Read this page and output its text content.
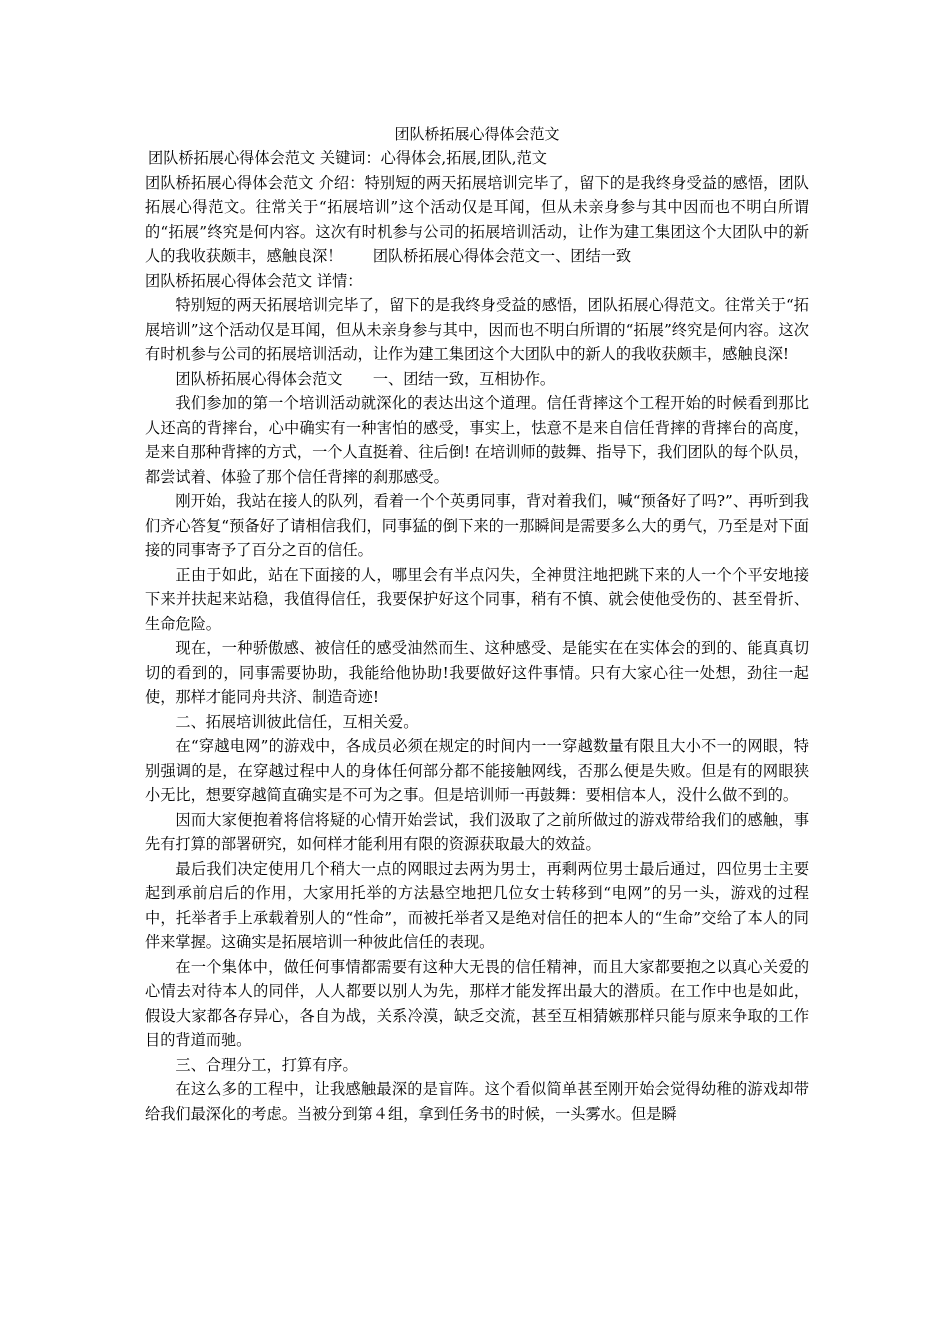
团队桥拓展心得体会范文

团队桥拓展心得体会范文 关键词：心得体会,拓展,团队,范文

团队桥拓展心得体会范文 介绍：特别短的两天拓展培训完毕了，留下的是我终身受益的感悟，团队拓展心得范文。往常关于“拓展培训”这个活动仅是耳闻，但从未亲身参与其中因而也不明白所谓的“拓展”终究是何内容。这次有时机参与公司的拓展培训活动，让作为建工集团这个大团队中的新人的我收获颇丰，感触良深！ 团队桥拓展心得体会范文一、团结一致

团队桥拓展心得体会范文 详情：

特别短的两天拓展培训完毕了，留下的是我终身受益的感悟，团队拓展心得范文。往常关于“拓展培训”这个活动仅是耳闻，但从未亲身参与其中，因而也不明白所谓的“拓展”终究是何内容。这次有时机参与公司的拓展培训活动，让作为建工集团这个大团队中的新人的我收获颇丰，感触良深!

团队桥拓展心得体会范文　　一、团结一致，互相协作。

我们参加的第一个培训活动就深化的表达出这个道理。信任背摔这个工程开始的时候看到那比人还高的背摔台，心中确实有一种害怕的感受，事实上，怯意不是来自信任背摔的背摔台的高度，是来自那种背摔的方式，一个人直挺着、往后倒! 在培训师的鼓舞、指导下，我们团队的每个队员，都尝试着、体验了那个信任背摔的刹那感受。

刚开始，我站在接人的队列，看着一个个英勇同事，背对着我们，喊“预备好了吗?”、再听到我们齐心答复“预备好了请相信我们，同事猛的倒下来的一那瞬间是需要多么大的勇气，乃至是对下面接的同事寄予了百分之百的信任。

正由于如此，站在下面接的人，哪里会有半点闪失，全神贯注地把跳下来的人一个个平安地接下来并扶起来站稳，我值得信任，我要保护好这个同事，稍有不慎、就会使他受伤的、甚至骨折、生命危险。

现在，一种骄傲感、被信任的感受油然而生、这种感受、是能实在在实体会的到的、能真真切切的看到的，同事需要协助，我能给他协助!我要做好这件事情。只有大家心往一处想，劲往一起使，那样才能同舟共济、制造奇迹!

二、拓展培训彼此信任，互相关爱。

在“穿越电网”的游戏中，各成员必须在规定的时间内一一穿越数量有限且大小不一的网眼，特别强调的是，在穿越过程中人的身体任何部分都不能接触网线，否那么便是失败。但是有的网眼狭小无比，想要穿越简直确实是不可为之事。但是培训师一再鼓舞：要相信本人，没什么做不到的。

因而大家便抱着将信将疑的心情开始尝试，我们汲取了之前所做过的游戏带给我们的感触，事先有打算的部署研究，如何样才能利用有限的资源获取最大的效益。

最后我们决定使用几个稍大一点的网眼过去两为男士，再剩两位男士最后通过，四位男士主要起到承前启后的作用，大家用托举的方法悬空地把几位女士转移到“电网”的另一头，游戏的过程中，托举者手上承载着别人的“性命”，而被托举者又是绝对信任的把本人的“生命”交给了本人的同伴来掌握。这确实是拓展培训一种彼此信任的表现。

在一个集体中，做任何事情都需要有这种大无畏的信任精神，而且大家都要抱之以真心关爱的心情去对待本人的同伴，人人都要以别人为先，那样才能发挥出最大的潜质。在工作中也是如此，假设大家都各存异心，各自为战，关系冷漠，缺乏交流，甚至互相猜嫉那样只能与原来争取的工作目的背道而驰。

三、合理分工，打算有序。

在这么多的工程中，让我感触最深的是盲阵。这个看似简单甚至刚开始会觉得幼稚的游戏却带给我们最深化的考虑。当被分到第４组，拿到任务书的时候，一头雾水。但是瞬
